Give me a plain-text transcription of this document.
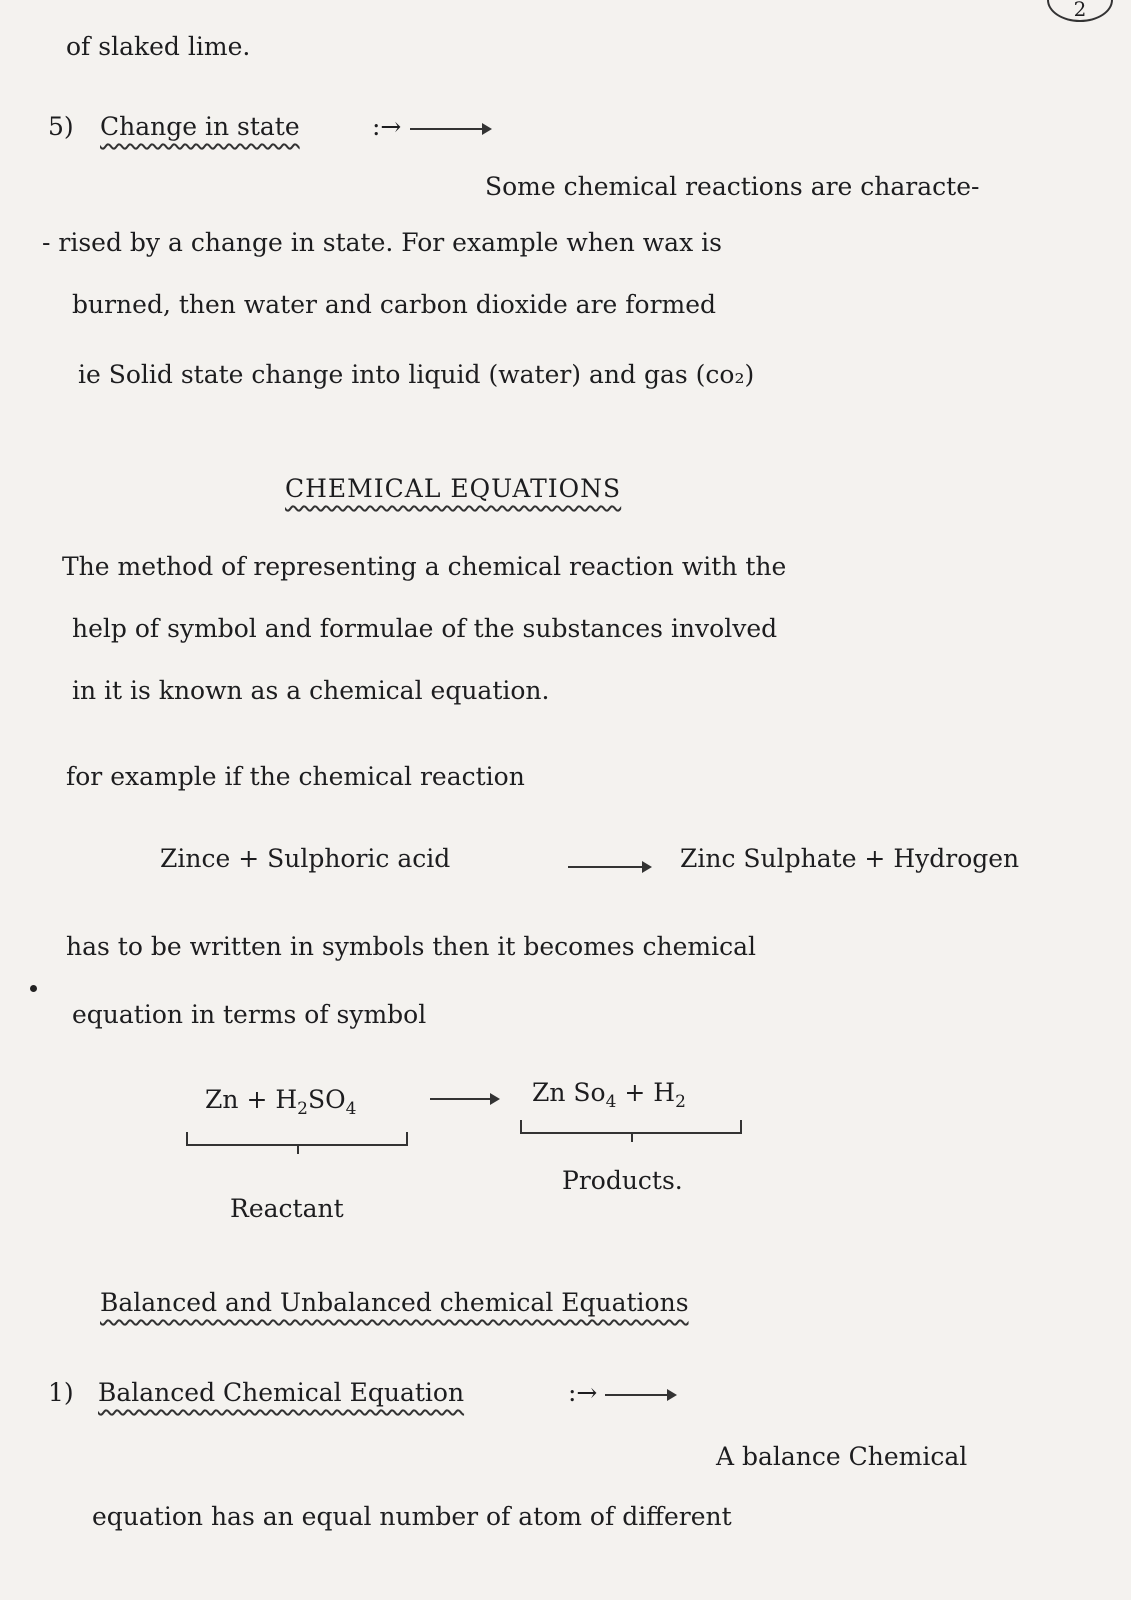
2
of slaked lime.
5) Change in state	:→
Some chemical reactions are characte-
- rised by a change in state. For example when wax is
burned, then water and carbon dioxide are formed
ie Solid state change into liquid (water) and gas (co₂)
CHEMICAL EQUATIONS
The method of representing a chemical reaction with the
help of symbol and formulae of the substances involved
in it is known as a chemical equation.
for example if the chemical reaction
Zince + Sulphoric acid	Zinc Sulphate + Hydrogen
has to be written in symbols then it becomes chemical
equation in terms of symbol
$Zn + H_2SO_4$
Zn $So_4 + H_2$
Reactant
Products.
Balanced and Unbalanced chemical Equations
1) Balanced Chemical Equation	:→
A balance Chemical
equation has an equal number of atom of different
